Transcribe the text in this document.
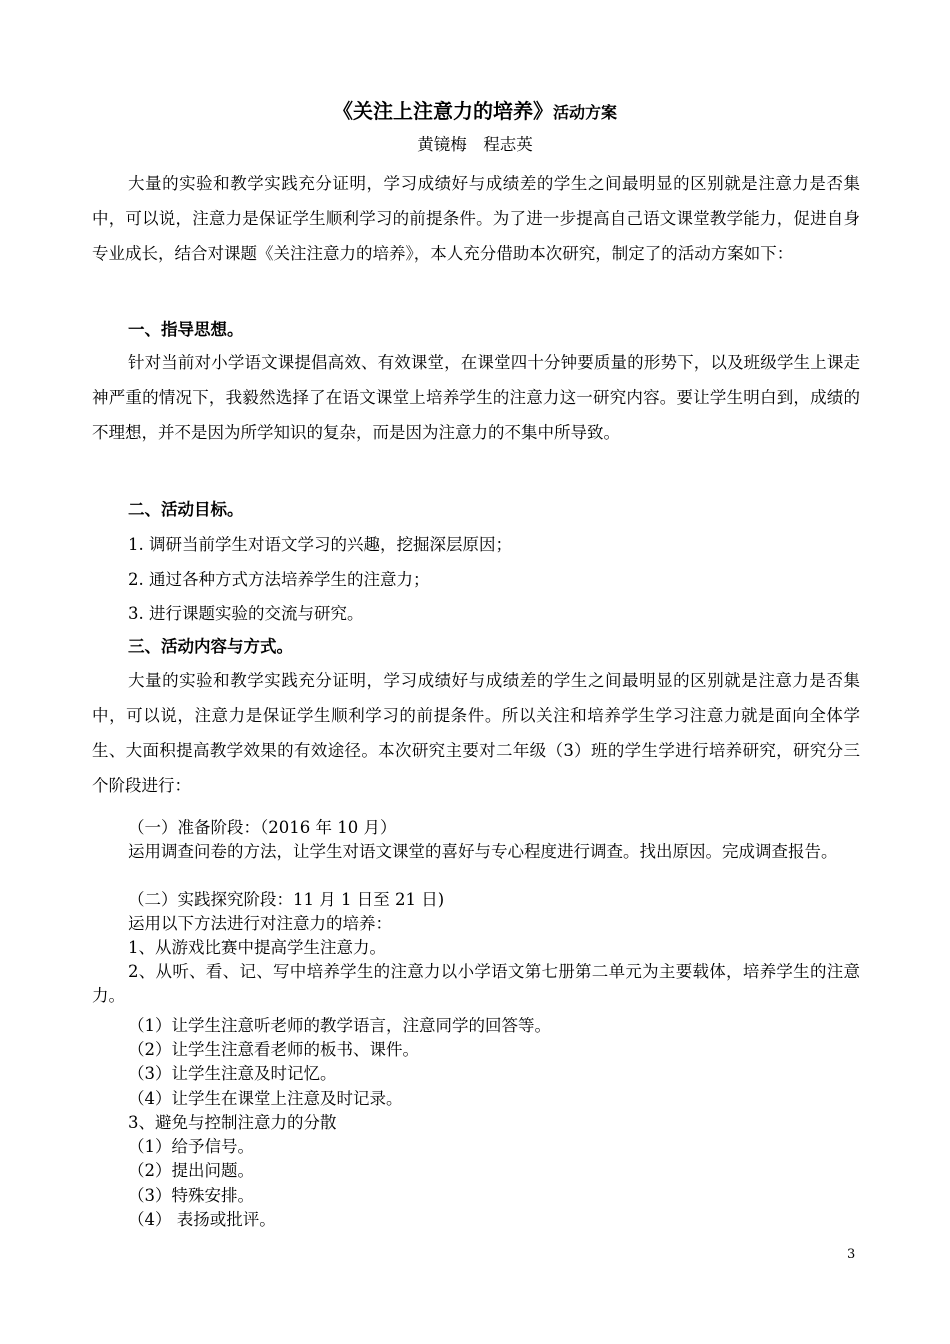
《关注上注意力的培养》活动方案
黄镜梅　程志英

大量的实验和教学实践充分证明，学习成绩好与成绩差的学生之间最明显的区别就是注意力是否集中，可以说，注意力是保证学生顺利学习的前提条件。为了进一步提高自己语文课堂教学能力，促进自身专业成长，结合对课题《关注注意力的培养》，本人充分借助本次研究，制定了的活动方案如下：

一、指导思想。

针对当前对小学语文课提倡高效、有效课堂，在课堂四十分钟要质量的形势下，以及班级学生上课走神严重的情况下，我毅然选择了在语文课堂上培养学生的注意力这一研究内容。要让学生明白到，成绩的不理想，并不是因为所学知识的复杂，而是因为注意力的不集中所导致。

二、活动目标。

1. 调研当前学生对语文学习的兴趣，挖掘深层原因；

2. 通过各种方式方法培养学生的注意力；

3. 进行课题实验的交流与研究。

三、活动内容与方式。

大量的实验和教学实践充分证明，学习成绩好与成绩差的学生之间最明显的区别就是注意力是否集中，可以说，注意力是保证学生顺利学习的前提条件。所以关注和培养学生学习注意力就是面向全体学生、大面积提高教学效果的有效途径。本次研究主要对二年级（3）班的学生学进行培养研究，研究分三个阶段进行：

（一）准备阶段：（2016 年 10 月）

运用调查问卷的方法，让学生对语文课堂的喜好与专心程度进行调查。找出原因。完成调查报告。

（二）实践探究阶段：11 月 1 日至 21 日)

运用以下方法进行对注意力的培养：

1、从游戏比赛中提高学生注意力。

2、从听、看、记、写中培养学生的注意力以小学语文第七册第二单元为主要载体，培养学生的注意力。

（1）让学生注意听老师的教学语言，注意同学的回答等。

（2）让学生注意看老师的板书、课件。

（3）让学生注意及时记忆。

（4）让学生在课堂上注意及时记录。

3、避免与控制注意力的分散

（1）给予信号。

（2）提出问题。

（3）特殊安排。

（4） 表扬或批评。

3
